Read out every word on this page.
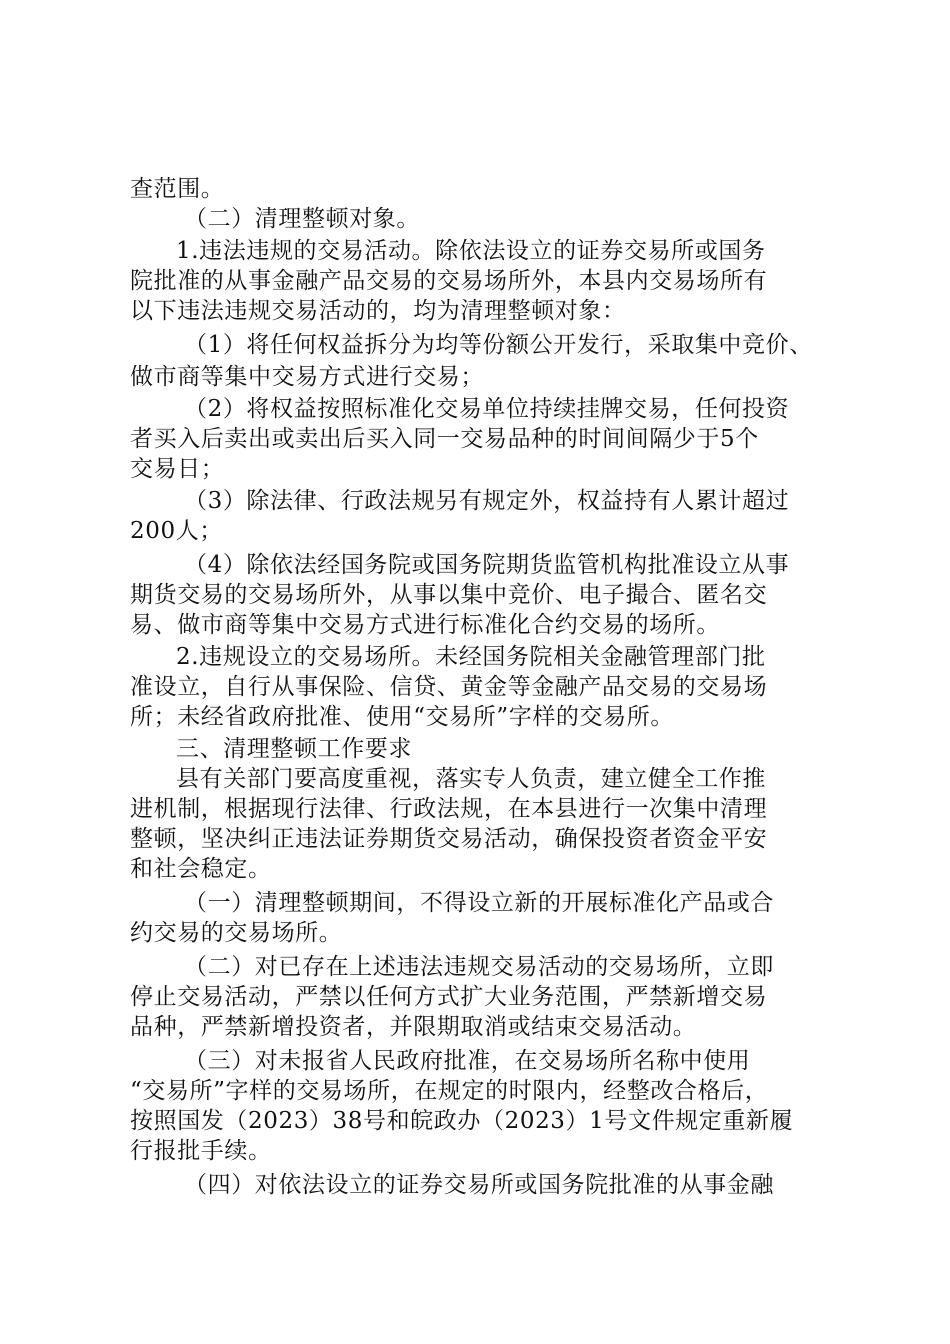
查范围。
（二）清理整顿对象。
1.违法违规的交易活动。除依法设立的证券交易所或国务
院批准的从事金融产品交易的交易场所外，本县内交易场所有
以下违法违规交易活动的，均为清理整顿对象：
（1）将任何权益拆分为均等份额公开发行，采取集中竞价、
做市商等集中交易方式进行交易；
（2）将权益按照标准化交易单位持续挂牌交易，任何投资
者买入后卖出或卖出后买入同一交易品种的时间间隔少于5个
交易日；
（3）除法律、行政法规另有规定外，权益持有人累计超过
200人；
（4）除依法经国务院或国务院期货监管机构批准设立从事
期货交易的交易场所外，从事以集中竞价、电子撮合、匿名交
易、做市商等集中交易方式进行标准化合约交易的场所。
2.违规设立的交易场所。未经国务院相关金融管理部门批
准设立，自行从事保险、信贷、黄金等金融产品交易的交易场
所；未经省政府批准、使用“交易所”字样的交易所。
三、清理整顿工作要求
县有关部门要高度重视，落实专人负责，建立健全工作推
进机制，根据现行法律、行政法规，在本县进行一次集中清理
整顿，坚决纠正违法证券期货交易活动，确保投资者资金平安
和社会稳定。
（一）清理整顿期间，不得设立新的开展标准化产品或合
约交易的交易场所。
（二）对已存在上述违法违规交易活动的交易场所，立即
停止交易活动，严禁以任何方式扩大业务范围，严禁新增交易
品种，严禁新增投资者，并限期取消或结束交易活动。
（三）对未报省人民政府批准，在交易场所名称中使用
“交易所”字样的交易场所，在规定的时限内，经整改合格后，
按照国发（2023）38号和皖政办（2023）1号文件规定重新履
行报批手续。
（四）对依法设立的证券交易所或国务院批准的从事金融
